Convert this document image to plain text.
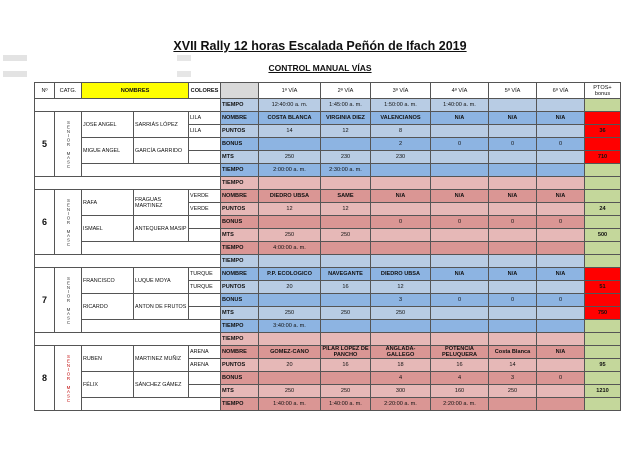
XVII Rally 12 horas Escalada Peñón de Ifach 2019
CONTROL MANUAL VÍAS
Nº	CATG.	NOMBRES		COLORES		1ª VÍA	2ª VÍA	3ª VÍA	4ª VÍA	5ª VÍA	6ª VÍA	PTOS+ bonus
					TIEMPO	12:40:00 a. m.	1:45:00 a. m.	1:50:00 a. m.	1:40:00 a. m.			
5	SENIOR MASC	JOSE ANGEL	SARRIÁS LÓPEZ	LILA	NOMBRE	COSTA BLANCA	VIRGINIA DIEZ	VALENCIANOS	N/A	N/A	N/A	
				LILA	PUNTOS	14	12	8				36
		MIGUE ANGEL	GARCÍA GARRIDO		BONUS			2	0	0	0	
					MTS	250	230	230				710
					TIEMPO	2:00:00 a. m.	2:30:00 a. m.					
					TIEMPO							
6	SENIOR MASC	RAFA	FRAGUAS MARTINEZ	VERDE	NOMBRE	DIEDRO UBSA	SAME	N/A	N/A	N/A	N/A	
				VERDE	PUNTOS	12	12					24
		ISMAEL	ANTEQUERA MASIP		BONUS			0	0	0	0	
					MTS	250	250					500
					TIEMPO	4:00:00 a. m.						
					TIEMPO							
7	SENIOR MASC	FRANCISCO	LUQUE MOYA	TURQUE	NOMBRE	P.P. ECOLOGICO	NAVEGANTE	DIEDRO UBSA	N/A	N/A	N/A	
				TURQUE	PUNTOS	20	16	12				51
		RICARDO	ANTON DE FRUTOS		BONUS			3	0	0	0	
					MTS	250	250	250				750
					TIEMPO	3:40:00 a. m.						
					TIEMPO							
8	SENIOR MASC	RUBEN	MARTINEZ MUÑIZ	ARENA	NOMBRE	GOMEZ-CANO	PILAR LOPEZ DE PANCHO	ANGLADA-GALLEGO	POTENCIA PELUQUERA	Costa Blanca	N/A	
				ARENA	PUNTOS	20	16	18	16	14		95
		FÉLIX	SÁNCHEZ GÁMEZ		BONUS			4	4	3	0	
					MTS	250	250	300	160	250		1210
					TIEMPO	1:40:00 a. m.	1:40:00 a. m.	2:20:00 a. m.	2:20:00 a. m.			
